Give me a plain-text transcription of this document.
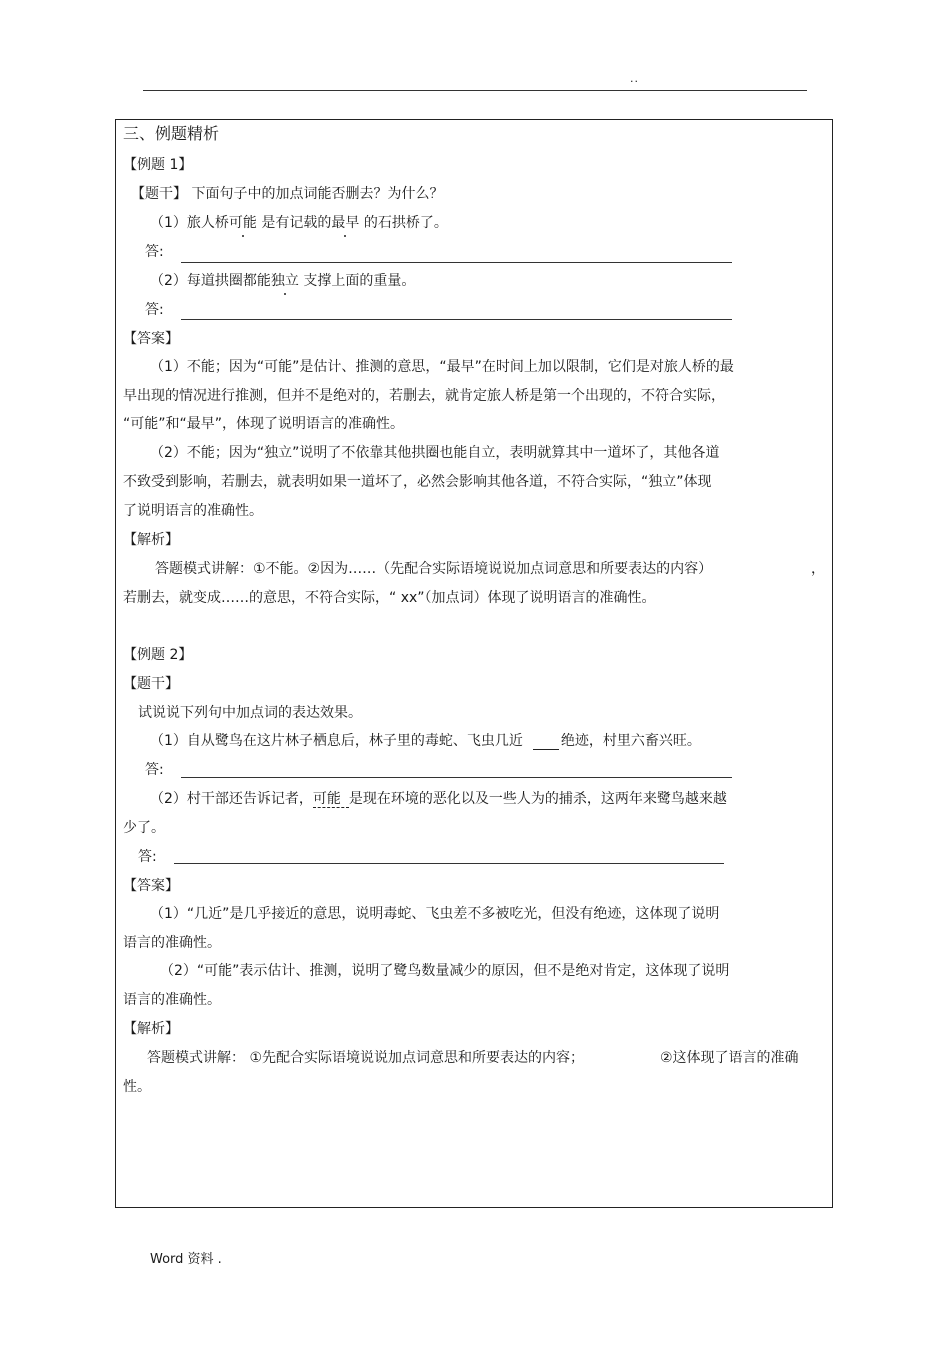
..
三、例题精析
【例题 1】
【题干】 下面句子中的加点词能否删去？为什么？
（1）旅人桥可能 是有记载的最早 的石拱桥了。
答:
（2）每道拱圈都能独立 支撑上面的重量。
答:
【答案】
（1）不能；因为“可能”是估计、推测的意思，“最早”在时间上加以限制，它们是对旅人桥的最
早出现的情况进行推测，但并不是绝对的，若删去，就肯定旅人桥是第一个出现的，不符合实际，
“可能”和“最早”，体现了说明语言的准确性。
（2）不能；因为“独立”说明了不依靠其他拱圈也能自立，表明就算其中一道坏了，其他各道
不致受到影响，若删去，就表明如果一道坏了，必然会影响其他各道，不符合实际，“独立”体现
了说明语言的准确性。
【解析】
答题模式讲解：①不能。②因为……（先配合实际语境说说加点词意思和所要表达的内容）	，
若删去，就变成……的意思，不符合实际，“ xx”（加点词）体现了说明语言的准确性。
【例题 2】
【题干】
试说说下列句中加点词的表达效果。
（1）自从鹭鸟在这片林子栖息后，林子里的毒蛇、飞虫几近	绝迹，村里六畜兴旺。
答:
（2）村干部还告诉记者，可能 是现在环境的恶化以及一些人为的捕杀，这两年来鹭鸟越来越
少了。
答:
【答案】
（1）“几近”是几乎接近的意思，说明毒蛇、飞虫差不多被吃光，但没有绝迹，这体现了说明
语言的准确性。
（2）“可能”表示估计、推测，说明了鹭鸟数量减少的原因，但不是绝对肯定，这体现了说明
语言的准确性。
【解析】
答题模式讲解： ①先配合实际语境说说加点词意思和所要表达的内容；	②这体现了语言的准确
性。
Word 资料 .
